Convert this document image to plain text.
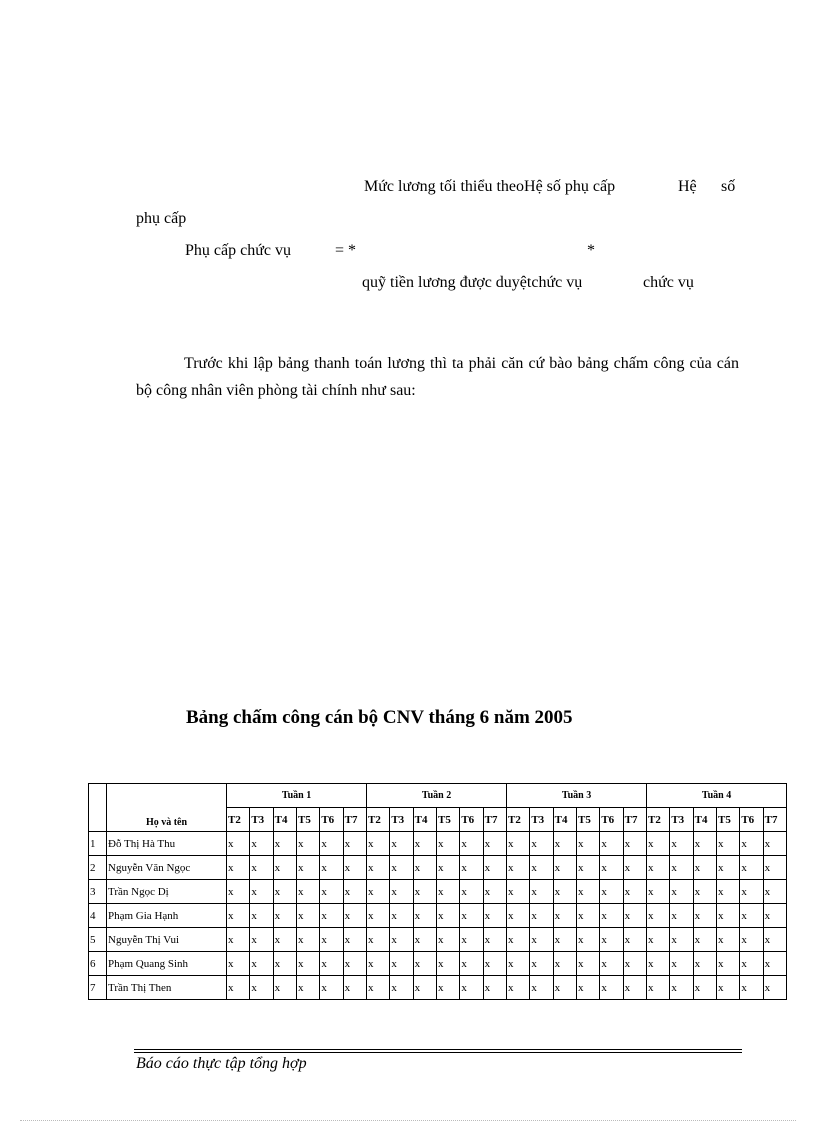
Mức lương tối thiểu theoHệ số phụ cấp	Hệ số
phụ cấp
Phụ cấp chức vụ	= *	*
quỹ tiền lương được duyệtchức vụ	chức vụ
Trước khi lập bảng thanh toán lương thì ta phải căn cứ bào bảng chấm công của cán bộ công nhân viên phòng tài chính như sau:
Bảng chấm công cán bộ CNV tháng 6 năm 2005
	Họ và tên	Tuần 1						Tuần 2						Tuần 3						Tuần 4					
		T2	T3	T4	T5	T6	T7	T2	T3	T4	T5	T6	T7	T2	T3	T4	T5	T6	T7	T2	T3	T4	T5	T6	T7
1	Đỗ Thị Hà Thu	x	x	x	x	x	x	x	x	x	x	x	x	x	x	x	x	x	x	x	x	x	x	x	x
2	Nguyễn Văn Ngọc	x	x	x	x	x	x	x	x	x	x	x	x	x	x	x	x	x	x	x	x	x	x	x	x
3	Trần Ngọc Dị	x	x	x	x	x	x	x	x	x	x	x	x	x	x	x	x	x	x	x	x	x	x	x	x
4	Phạm Gia Hạnh	x	x	x	x	x	x	x	x	x	x	x	x	x	x	x	x	x	x	x	x	x	x	x	x
5	Nguyễn Thị Vui	x	x	x	x	x	x	x	x	x	x	x	x	x	x	x	x	x	x	x	x	x	x	x	x
6	Phạm Quang Sinh	x	x	x	x	x	x	x	x	x	x	x	x	x	x	x	x	x	x	x	x	x	x	x	x
7	Trần Thị Then	x	x	x	x	x	x	x	x	x	x	x	x	x	x	x	x	x	x	x	x	x	x	x	x
Báo cáo thực tập tổng hợp
